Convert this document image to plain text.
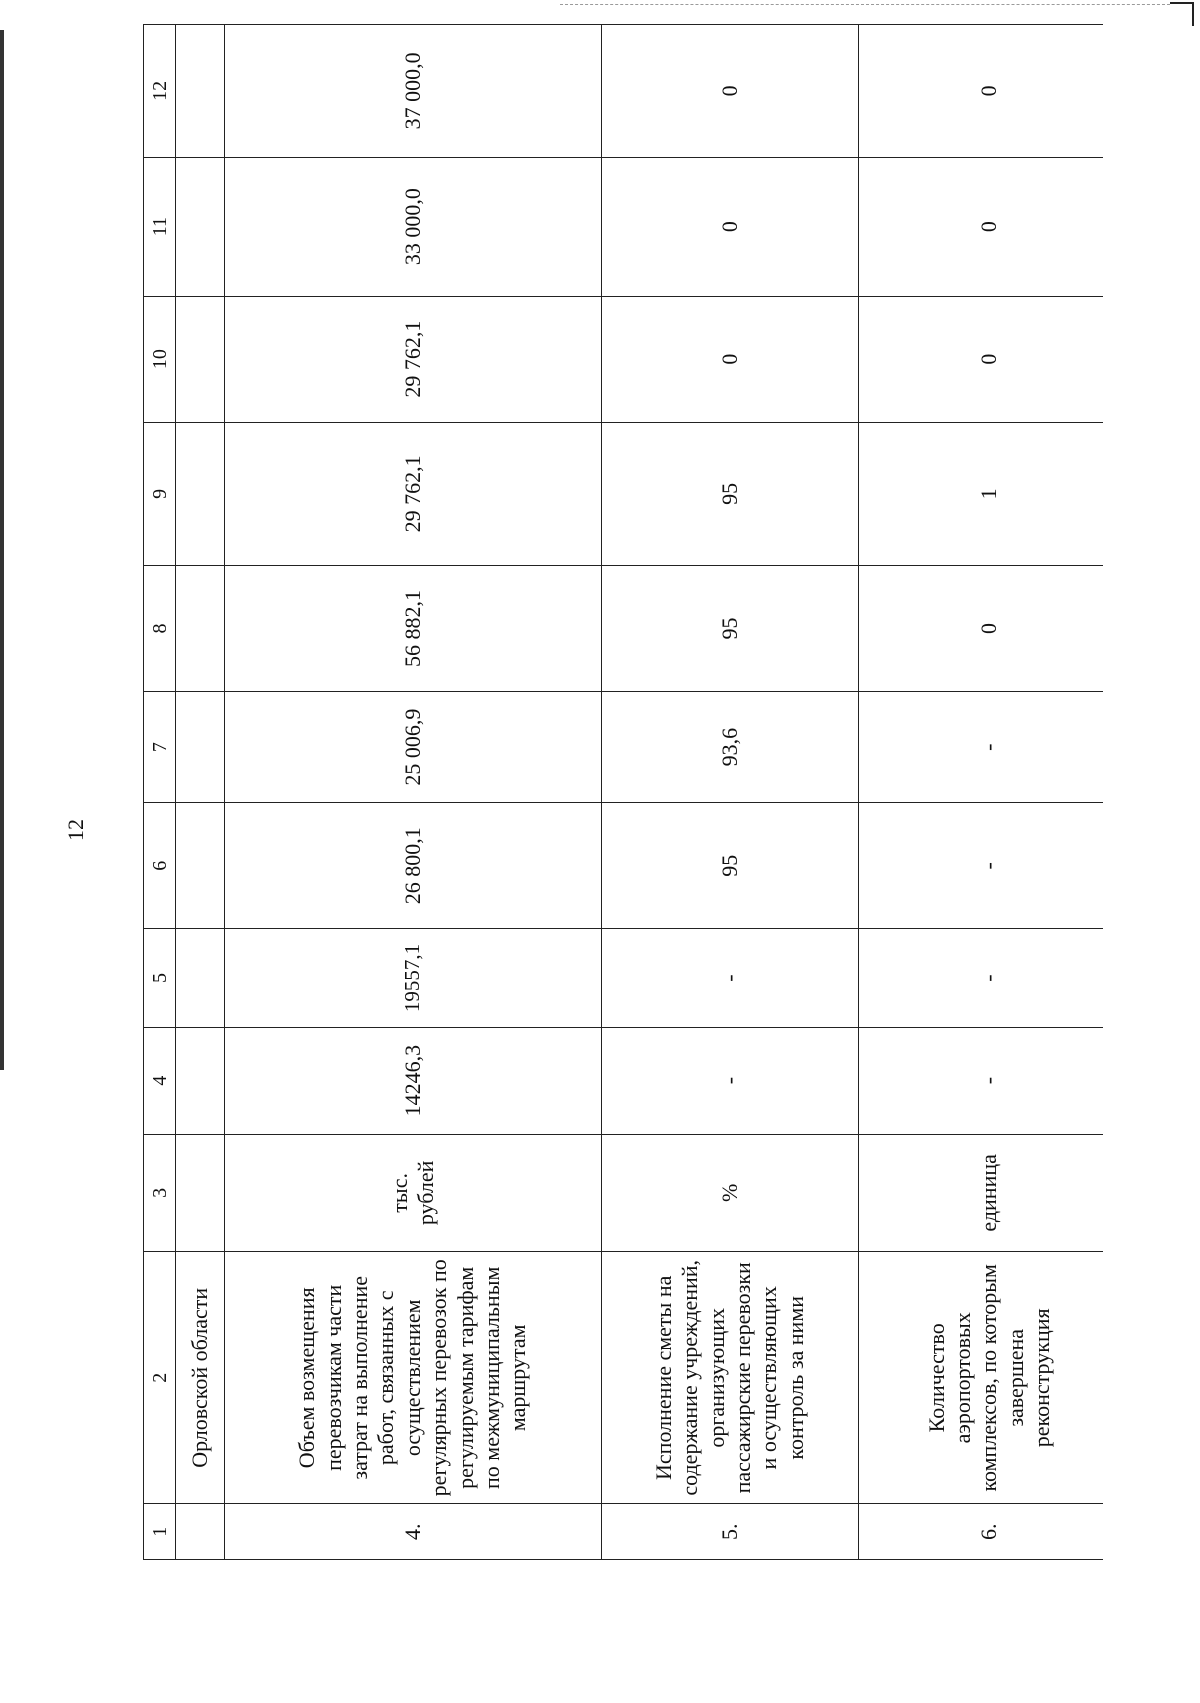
12
1	2	3	4	5	6	7	8	9	10	11	12
	Орловской области										
4.	Объем возмещения перевозчикам части затрат на выполнение работ, связанных с осуществлением регулярных перевозок по регулируемым тарифам по межмуниципальным маршрутам	тыс. рублей	14246,3	19557,1	26 800,1	25 006,9	56 882,1	29 762,1	29 762,1	33 000,0	37 000,0
5.	Исполнение сметы на содержание учреждений, организующих пассажирские перевозки и осуществляющих контроль за ними	%	-	-	95	93,6	95	95	0	0	0
6.	Количество аэропортовых комплексов, по которым завершена реконструкция	единица	-	-	-	-	0	1	0	0	0
